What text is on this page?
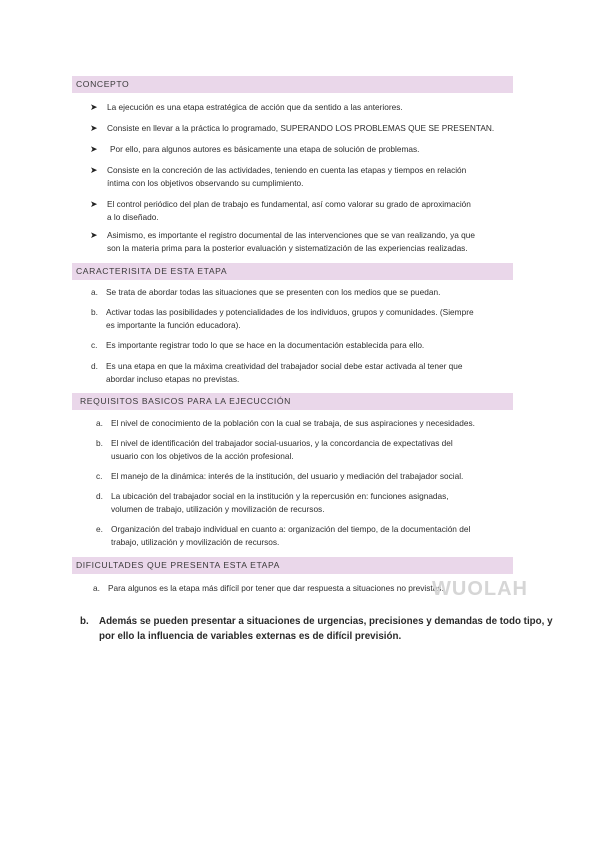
CONCEPTO
➤ La ejecución es una etapa estratégica de acción que da sentido a las anteriores.
➤ Consiste en llevar a la práctica lo programado, SUPERANDO LOS PROBLEMAS QUE SE PRESENTAN.
➤ Por ello, para algunos autores es básicamente una etapa de solución de problemas.
➤ Consiste en la concreción de las actividades, teniendo en cuenta las etapas y tiempos en relación
íntima con los objetivos observando su cumplimiento.
➤ El control periódico del plan de trabajo es fundamental, así como valorar su grado de aproximación
a lo diseñado.
➤ Asimismo, es importante el registro documental de las intervenciones que se van realizando, ya que
son la materia prima para la posterior evaluación y sistematización de las experiencias realizadas.
CARACTERISITA DE ESTA ETAPA
a. Se trata de abordar todas las situaciones que se presenten con los medios que se puedan.
b. Activar todas las posibilidades y potencialidades de los individuos, grupos y comunidades. (Siempre
es importante la función educadora).
c. Es importante registrar todo lo que se hace en la documentación establecida para ello.
d. Es una etapa en que la máxima creatividad del trabajador social debe estar activada al tener que
abordar incluso etapas no previstas.
REQUISITOS BASICOS PARA LA EJECUCCIÓN
a. El nivel de conocimiento de la población con la cual se trabaja, de sus aspiraciones y necesidades.
b. El nivel de identificación del trabajador social-usuarios, y la concordancia de expectativas del
usuario con los objetivos de la acción profesional.
c. El manejo de la dinámica: interés de la institución, del usuario y mediación del trabajador social.
d. La ubicación del trabajador social en la institución y la repercusión en: funciones asignadas,
volumen de trabajo, utilización y movilización de recursos.
e. Organización del trabajo individual en cuanto a: organización del tiempo, de la documentación del
trabajo, utilización y movilización de recursos.
DIFICULTADES QUE PRESENTA ESTA ETAPA
a. Para algunos es la etapa más difícil por tener que dar respuesta a situaciones no previstas.
WUOLAH
b. Además se pueden presentar a situaciones de urgencias, precisiones y demandas de todo tipo, y
por ello la influencia de variables externas es de difícil previsión.
